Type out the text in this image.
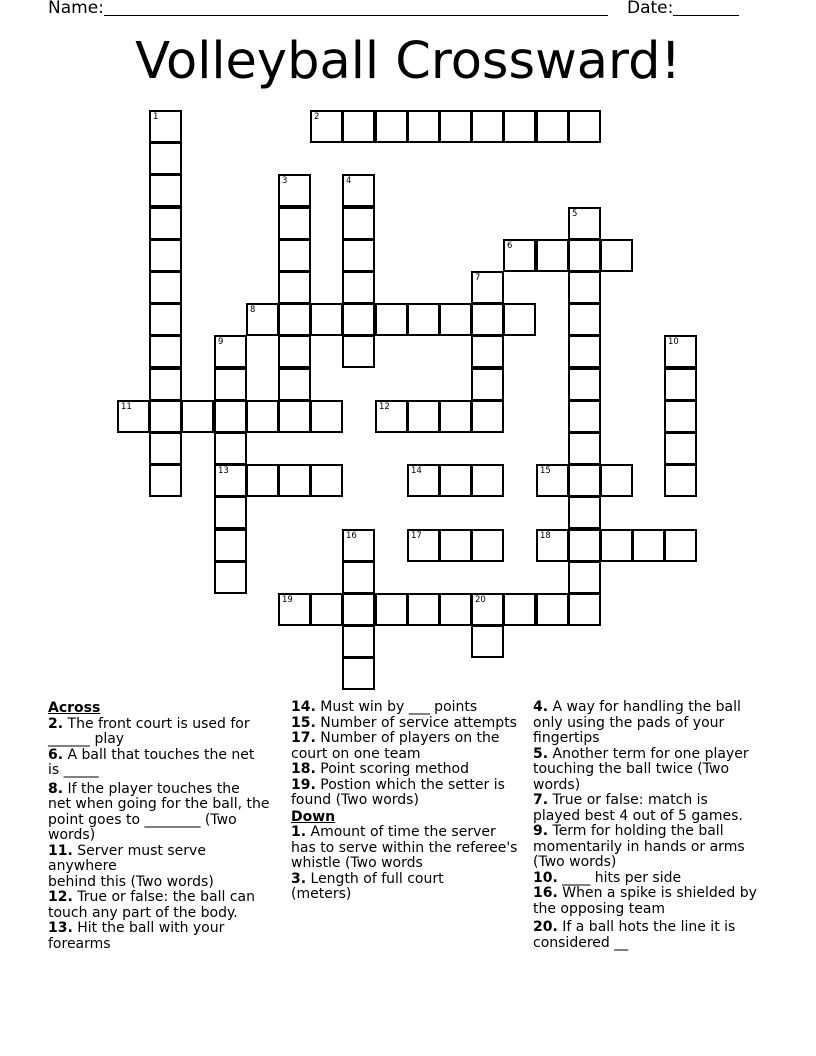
Name:	Date:
Volleyball Crossward!
2
6
8
11	12
13	14	15
17	18
19	20
1
3	4
5
7
9	10
16
Across

2. The front court is used for
______ play

6. A ball that touches the net
is _____

8. If the player touches the
net when going for the ball, the
point goes to ________ (Two
words)

11. Server must serve anywhere
behind this (Two words)

12. True or false: the ball can
touch any part of the body.

13. Hit the ball with your
forearms

14. Must win by ___ points

15. Number of service attempts

17. Number of players on the
court on one team

18. Point scoring method

19. Postion which the setter is
found (Two words)

Down

1. Amount of time the server
has to serve within the referee's
whistle (Two words

3. Length of full court
(meters)

4. A way for handling the ball
only using the pads of your
fingertips

5. Another term for one player
touching the ball twice (Two
words)

7. True or false: match is
played best 4 out of 5 games.

9. Term for holding the ball
momentarily in hands or arms
(Two words)

10. ____ hits per side

16. When a spike is shielded by
the opposing team

20. If a ball hots the line it is
considered __
